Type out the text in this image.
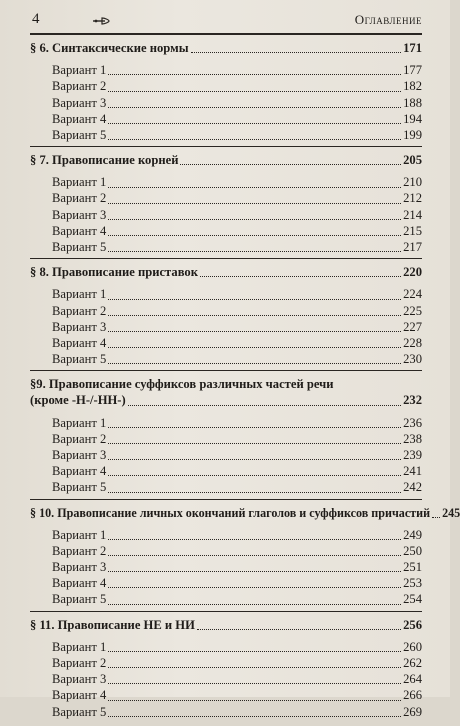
4	Оглавление
§ 6. Синтаксические нормы	171
Вариант 1	177
Вариант 2	182
Вариант 3	188
Вариант 4	194
Вариант 5	199
§ 7. Правописание корней	205
Вариант 1	210
Вариант 2	212
Вариант 3	214
Вариант 4	215
Вариант 5	217
§ 8. Правописание приставок	220
Вариант 1	224
Вариант 2	225
Вариант 3	227
Вариант 4	228
Вариант 5	230
§9. Правописание суффиксов различных частей речи
(кроме -Н-/-НН-)	232
Вариант 1	236
Вариант 2	238
Вариант 3	239
Вариант 4	241
Вариант 5	242
§ 10. Правописание личных окончаний глаголов и суффиксов причастий 245
Вариант 1	249
Вариант 2	250
Вариант 3	251
Вариант 4	253
Вариант 5	254
§ 11. Правописание НЕ и НИ	256
Вариант 1	260
Вариант 2	262
Вариант 3	264
Вариант 4	266
Вариант 5	269
